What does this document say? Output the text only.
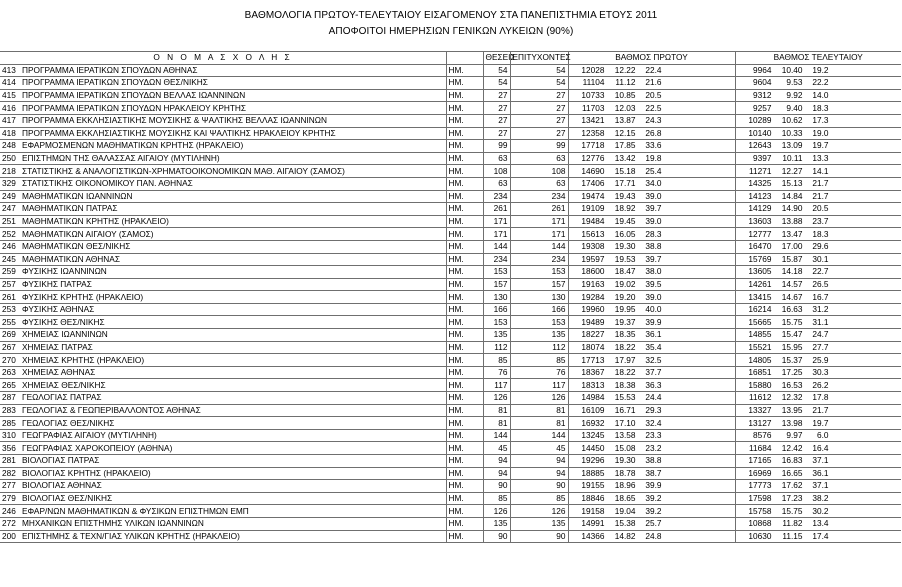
ΒΑΘΜΟΛΟΓΙΑ ΠΡΩΤΟΥ-ΤΕΛΕΥΤΑΙΟΥ ΕΙΣΑΓΟΜΕΝΟΥ ΣΤΑ ΠΑΝΕΠΙΣΤΗΜΙΑ ΕΤΟΥΣ 2011
ΑΠΟΦΟΙΤΟΙ ΗΜΕΡΗΣΙΩΝ ΓΕΝΙΚΩΝ ΛΥΚΕΙΩΝ (90%)
Ο Ν Ο Μ Α Σ Χ Ο Λ Η Σ			ΘΕΣΕΙΣ	ΕΠΙΤΥΧΟΝΤΕΣ	ΒΑΘΜΟΣ ΠΡΩΤΟΥ	ΒΑΘΜΟΣ ΤΕΛΕΥΤΑΙΟΥ
413	ΠΡΟΓΡΑΜΜΑ ΙΕΡΑΤΙΚΩΝ ΣΠΟΥΔΩΝ ΑΘΗΝΑΣ	ΗΜ.	54	54	12028 12.22 22.4	9964 10.40 19.2
414	ΠΡΟΓΡΑΜΜΑ ΙΕΡΑΤΙΚΩΝ ΣΠΟΥΔΩΝ ΘΕΣ/ΝΙΚΗΣ	ΗΜ.	54	54	11104 11.12 21.6	9604 9.53 22.2
415	ΠΡΟΓΡΑΜΜΑ ΙΕΡΑΤΙΚΩΝ ΣΠΟΥΔΩΝ ΒΕΛΛΑΣ ΙΩΑΝΝΙΝΩΝ	ΗΜ.	27	27	10733 10.85 20.5	9312 9.92 14.0
416	ΠΡΟΓΡΑΜΜΑ ΙΕΡΑΤΙΚΩΝ ΣΠΟΥΔΩΝ ΗΡΑΚΛΕΙΟΥ ΚΡΗΤΗΣ	ΗΜ.	27	27	11703 12.03 22.5	9257 9.40 18.3
417	ΠΡΟΓΡΑΜΜΑ ΕΚΚΛΗΣΙΑΣΤΙΚΗΣ ΜΟΥΣΙΚΗΣ & ΨΑΛΤΙΚΗΣ ΒΕΛΛΑΣ ΙΩΑΝΝΙΝΩΝ	ΗΜ.	27	27	13421 13.87 24.3	10289 10.62 17.3
418	ΠΡΟΓΡΑΜΜΑ ΕΚΚΛΗΣΙΑΣΤΙΚΗΣ ΜΟΥΣΙΚΗΣ ΚΑΙ ΨΑΛΤΙΚΗΣ ΗΡΑΚΛΕΙΟΥ ΚΡΗΤΗΣ	ΗΜ.	27	27	12358 12.15 26.8	10140 10.33 19.0
248	ΕΦΑΡΜΟΣΜΕΝΩΝ ΜΑΘΗΜΑΤΙΚΩΝ ΚΡΗΤΗΣ (ΗΡΑΚΛΕΙΟ)	ΗΜ.	99	99	17718 17.85 33.6	12643 13.09 19.7
250	ΕΠΙΣΤΗΜΩΝ ΤΗΣ ΘΑΛΑΣΣΑΣ ΑΙΓΑΙΟΥ (ΜΥΤΙΛΗΝΗ)	ΗΜ.	63	63	12776 13.42 19.8	9397 10.11 13.3
218	ΣΤΑΤΙΣΤΙΚΗΣ & ΑΝΑΛΟΓΙΣΤΙΚΩΝ-ΧΡΗΜΑΤΟΟΙΚΟΝΟΜΙΚΩΝ ΜΑΘ. ΑΙΓΑΙΟΥ (ΣΑΜΟΣ)	ΗΜ.	108	108	14690 15.18 25.4	11271 12.27 14.1
329	ΣΤΑΤΙΣΤΙΚΗΣ ΟΙΚΟΝΟΜΙΚΟΥ ΠΑΝ. ΑΘΗΝΑΣ	ΗΜ.	63	63	17406 17.71 34.0	14325 15.13 21.7
249	ΜΑΘΗΜΑΤΙΚΩΝ ΙΩΑΝΝΙΝΩΝ	ΗΜ.	234	234	19474 19.43 39.0	14123 14.84 21.7
247	ΜΑΘΗΜΑΤΙΚΩΝ ΠΑΤΡΑΣ	ΗΜ.	261	261	19109 18.92 39.7	14129 14.90 20.5
251	ΜΑΘΗΜΑΤΙΚΩΝ ΚΡΗΤΗΣ (ΗΡΑΚΛΕΙΟ)	ΗΜ.	171	171	19484 19.45 39.0	13603 13.88 23.7
252	ΜΑΘΗΜΑΤΙΚΩΝ ΑΙΓΑΙΟΥ (ΣΑΜΟΣ)	ΗΜ.	171	171	15613 16.05 28.3	12777 13.47 18.3
246	ΜΑΘΗΜΑΤΙΚΩΝ ΘΕΣ/ΝΙΚΗΣ	ΗΜ.	144	144	19308 19.30 38.8	16470 17.00 29.6
245	ΜΑΘΗΜΑΤΙΚΩΝ ΑΘΗΝΑΣ	ΗΜ.	234	234	19597 19.53 39.7	15769 15.87 30.1
259	ΦΥΣΙΚΗΣ ΙΩΑΝΝΙΝΩΝ	ΗΜ.	153	153	18600 18.47 38.0	13605 14.18 22.7
257	ΦΥΣΙΚΗΣ ΠΑΤΡΑΣ	ΗΜ.	157	157	19163 19.02 39.5	14261 14.57 26.5
261	ΦΥΣΙΚΗΣ ΚΡΗΤΗΣ (ΗΡΑΚΛΕΙΟ)	ΗΜ.	130	130	19284 19.20 39.0	13415 14.67 16.7
253	ΦΥΣΙΚΗΣ ΑΘΗΝΑΣ	ΗΜ.	166	166	19960 19.95 40.0	16214 16.63 31.2
255	ΦΥΣΙΚΗΣ ΘΕΣ/ΝΙΚΗΣ	ΗΜ.	153	153	19489 19.37 39.9	15665 15.75 31.1
269	ΧΗΜΕΙΑΣ ΙΩΑΝΝΙΝΩΝ	ΗΜ.	135	135	18227 18.35 36.1	14855 15.47 24.7
267	ΧΗΜΕΙΑΣ ΠΑΤΡΑΣ	ΗΜ.	112	112	18074 18.22 35.4	15521 15.95 27.7
270	ΧΗΜΕΙΑΣ ΚΡΗΤΗΣ (ΗΡΑΚΛΕΙΟ)	ΗΜ.	85	85	17713 17.97 32.5	14805 15.37 25.9
263	ΧΗΜΕΙΑΣ ΑΘΗΝΑΣ	ΗΜ.	76	76	18367 18.22 37.7	16851 17.25 30.3
265	ΧΗΜΕΙΑΣ ΘΕΣ/ΝΙΚΗΣ	ΗΜ.	117	117	18313 18.38 36.3	15880 16.53 26.2
287	ΓΕΩΛΟΓΙΑΣ ΠΑΤΡΑΣ	ΗΜ.	126	126	14984 15.53 24.4	11612 12.32 17.8
283	ΓΕΩΛΟΓΙΑΣ & ΓΕΩΠΕΡΙΒΑΛΛΟΝΤΟΣ ΑΘΗΝΑΣ	ΗΜ.	81	81	16109 16.71 29.3	13327 13.95 21.7
285	ΓΕΩΛΟΓΙΑΣ ΘΕΣ/ΝΙΚΗΣ	ΗΜ.	81	81	16932 17.10 32.4	13127 13.98 19.7
310	ΓΕΩΓΡΑΦΙΑΣ ΑΙΓΑΙΟΥ (ΜΥΤΙΛΗΝΗ)	ΗΜ.	144	144	13245 13.58 23.3	8576 9.97 6.0
356	ΓΕΩΓΡΑΦΙΑΣ ΧΑΡΟΚΟΠΕΙΟΥ (ΑΘΗΝΑ)	ΗΜ.	45	45	14450 15.08 23.2	11684 12.42 16.4
281	ΒΙΟΛΟΓΙΑΣ ΠΑΤΡΑΣ	ΗΜ.	94	94	19296 19.30 38.8	17165 16.83 37.1
282	ΒΙΟΛΟΓΙΑΣ ΚΡΗΤΗΣ (ΗΡΑΚΛΕΙΟ)	ΗΜ.	94	94	18885 18.78 38.7	16969 16.65 36.1
277	ΒΙΟΛΟΓΙΑΣ ΑΘΗΝΑΣ	ΗΜ.	90	90	19155 18.96 39.9	17773 17.62 37.1
279	ΒΙΟΛΟΓΙΑΣ ΘΕΣ/ΝΙΚΗΣ	ΗΜ.	85	85	18846 18.65 39.2	17598 17.23 38.2
246	ΕΦΑΡ/ΝΩΝ ΜΑΘΗΜΑΤΙΚΩΝ & ΦΥΣΙΚΩΝ ΕΠΙΣΤΗΜΩΝ ΕΜΠ	ΗΜ.	126	126	19158 19.04 39.2	15758 15.75 30.2
272	ΜΗΧΑΝΙΚΩΝ ΕΠΙΣΤΗΜΗΣ ΥΛΙΚΩΝ ΙΩΑΝΝΙΝΩΝ	ΗΜ.	135	135	14991 15.38 25.7	10868 11.82 13.4
200	ΕΠΙΣΤΗΜΗΣ & ΤΕΧΝ/ΓΙΑΣ ΥΛΙΚΩΝ ΚΡΗΤΗΣ (ΗΡΑΚΛΕΙΟ)	ΗΜ.	90	90	14366 14.82 24.8	10630 11.15 17.4
